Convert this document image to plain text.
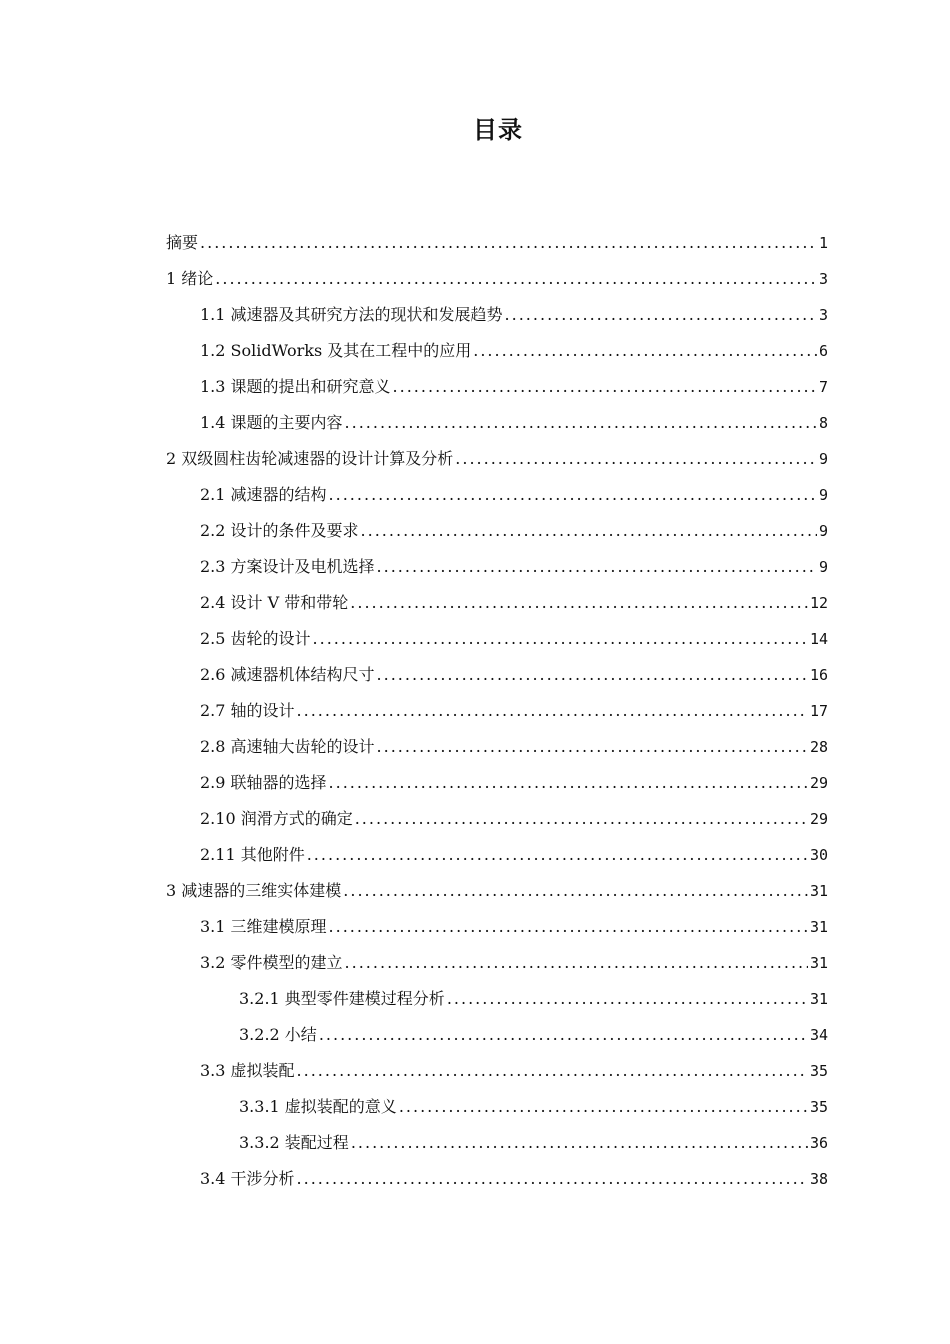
目录
摘要 .....	1
1 绪论 .....	3
1.1 减速器及其研究方法的现状和发展趋势 .....	3
1.2 SolidWorks 及其在工程中的应用 .....	6
1.3 课题的提出和研究意义 .....	7
1.4 课题的主要内容 .....	8
2 双级圆柱齿轮减速器的设计计算及分析 .....	9
2.1 减速器的结构 .....	9
2.2 设计的条件及要求 .....	9
2.3 方案设计及电机选择 .....	9
2.4 设计 V 带和带轮 .....	12
2.5 齿轮的设计 .....	14
2.6 减速器机体结构尺寸 .....	16
2.7 轴的设计 .....	17
2.8 高速轴大齿轮的设计 .....	28
2.9 联轴器的选择 .....	29
2.10 润滑方式的确定 .....	29
2.11 其他附件 .....	30
3 减速器的三维实体建模 .....	31
3.1 三维建模原理 .....	31
3.2 零件模型的建立 .....	31
3.2.1 典型零件建模过程分析 .....	31
3.2.2 小结 .....	34
3.3 虚拟装配 .....	35
3.3.1 虚拟装配的意义 .....	35
3.3.2 装配过程 .....	36
3.4 干涉分析 .....	38
